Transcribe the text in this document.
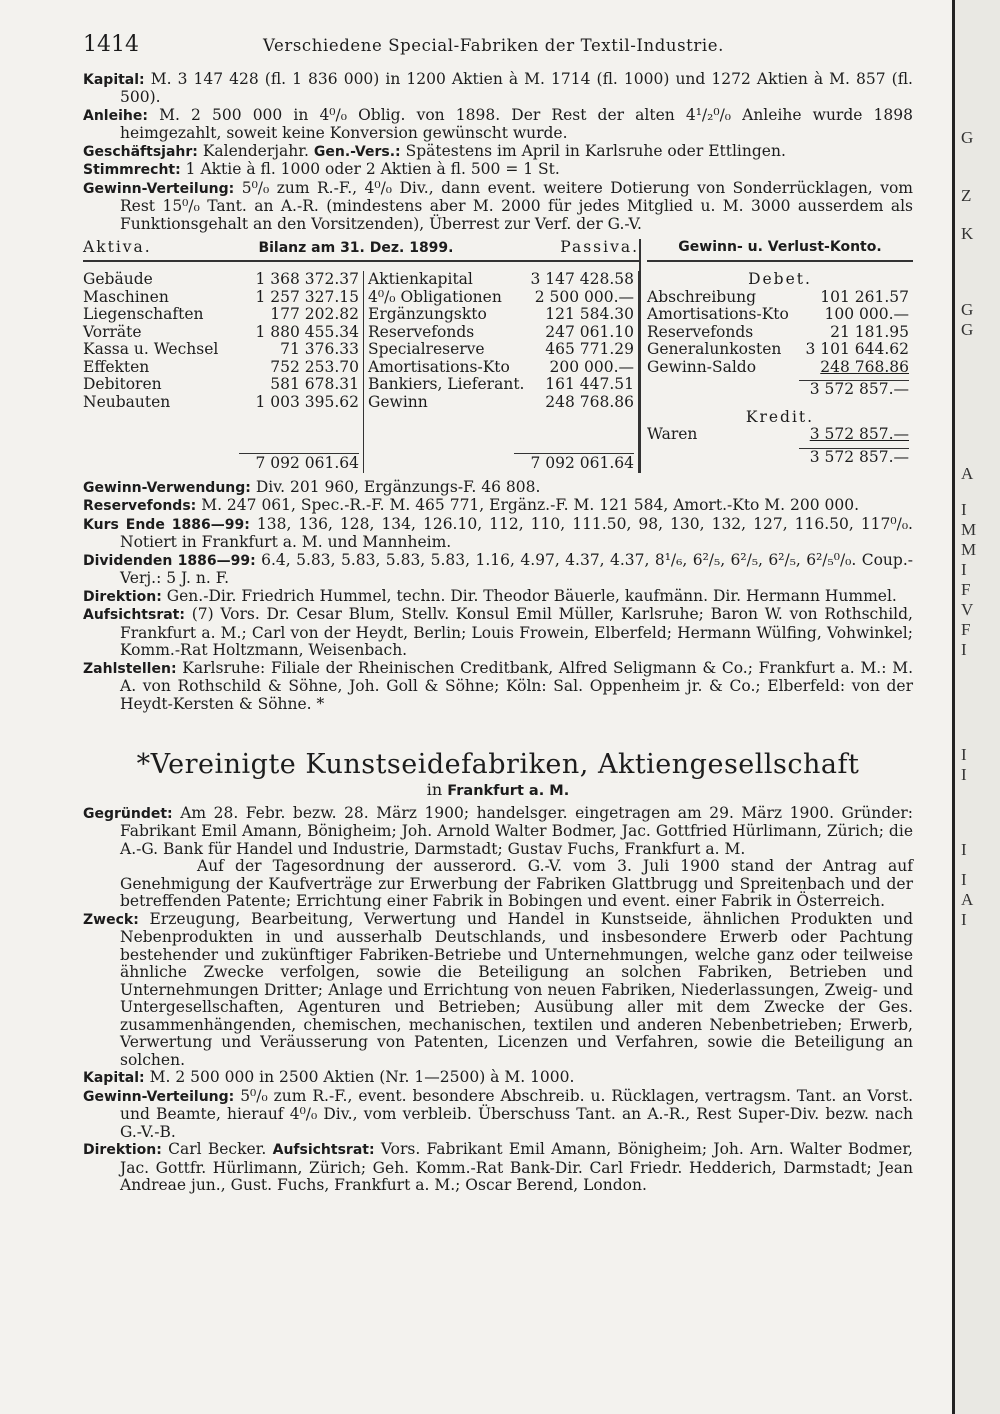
G
Z
K
G
G
A
I
M
M
I
F
V
F
I
I
I
I
I
A
I
1414	Verschiedene Special-Fabriken der Textil-Industrie.

Kapital: M. 3 147 428 (fl. 1 836 000) in 1200 Aktien à M. 1714 (fl. 1000) und 1272 Aktien à M. 857 (fl. 500).

Anleihe: M. 2 500 000 in 4⁰/₀ Oblig. von 1898. Der Rest der alten 4¹/₂⁰/₀ Anleihe wurde 1898 heimgezahlt, soweit keine Konversion gewünscht wurde.

Geschäftsjahr: Kalenderjahr. Gen.-Vers.: Spätestens im April in Karlsruhe oder Ettlingen.

Stimmrecht: 1 Aktie à fl. 1000 oder 2 Aktien à fl. 500 = 1 St.

Gewinn-Verteilung: 5⁰/₀ zum R.-F., 4⁰/₀ Div., dann event. weitere Dotierung von Sonderrücklagen, vom Rest 15⁰/₀ Tant. an A.-R. (mindestens aber M. 2000 für jedes Mitglied u. M. 3000 ausserdem als Funktionsgehalt an den Vorsitzenden), Überrest zur Verf. der G.-V.

Aktiva.	Bilanz am 31. Dez. 1899.	Passiva.
Gebäude	1 368 372.37
Maschinen	1 257 327.15
Liegenschaften	177 202.82
Vorräte	1 880 455.34
Kassa u. Wechsel	71 376.33
Effekten	752 253.70
Debitoren	581 678.31
Neubauten	1 003 395.62
7 092 061.64
Aktienkapital	3 147 428.58
4⁰/₀ Obligationen 2 500 000.—
Ergänzungskto	121 584.30
Reservefonds	247 061.10
Specialreserve	465 771.29
Amortisations-Kto	200 000.—
Bankiers, Lieferant. 161 447.51
Gewinn	248 768.86
7 092 061.64
Gewinn- u. Verlust-Konto.
Debet.
Abschreibung	101 261.57
Amortisations-Kto 100 000.—
Reservefonds	21 181.95
Generalunkosten 3 101 644.62
Gewinn-Saldo	248 768.86
3 572 857.—
Kredit.
Waren	3 572 857.—
3 572 857.—

Gewinn-Verwendung: Div. 201 960, Ergänzungs-F. 46 808.

Reservefonds: M. 247 061, Spec.-R.-F. M. 465 771, Ergänz.-F. M. 121 584, Amort.-Kto M. 200 000.

Kurs Ende 1886—99: 138, 136, 128, 134, 126.10, 112, 110, 111.50, 98, 130, 132, 127, 116.50, 117⁰/₀. Notiert in Frankfurt a. M. und Mannheim.

Dividenden 1886—99: 6.4, 5.83, 5.83, 5.83, 5.83, 1.16, 4.97, 4.37, 4.37, 8¹/₆, 6²/₅, 6²/₅, 6²/₅, 6²/₅⁰/₀. Coup.-Verj.: 5 J. n. F.

Direktion: Gen.-Dir. Friedrich Hummel, techn. Dir. Theodor Bäuerle, kaufmänn. Dir. Hermann Hummel.

Aufsichtsrat: (7) Vors. Dr. Cesar Blum, Stellv. Konsul Emil Müller, Karlsruhe; Baron W. von Rothschild, Frankfurt a. M.; Carl von der Heydt, Berlin; Louis Frowein, Elberfeld; Hermann Wülfing, Vohwinkel; Komm.-Rat Holtzmann, Weisenbach.

Zahlstellen: Karlsruhe: Filiale der Rheinischen Creditbank, Alfred Seligmann & Co.; Frankfurt a. M.: M. A. von Rothschild & Söhne, Joh. Goll & Söhne; Köln: Sal. Oppenheim jr. & Co.; Elberfeld: von der Heydt-Kersten & Söhne. *

*Vereinigte Kunstseidefabriken, Aktiengesellschaft
in Frankfurt a. M.

Gegründet: Am 28. Febr. bezw. 28. März 1900; handelsger. eingetragen am 29. März 1900. Gründer: Fabrikant Emil Amann, Bönigheim; Joh. Arnold Walter Bodmer, Jac. Gottfried Hürlimann, Zürich; die A.-G. Bank für Handel und Industrie, Darmstadt; Gustav Fuchs, Frankfurt a. M.

Auf der Tagesordnung der ausserord. G.-V. vom 3. Juli 1900 stand der Antrag auf Genehmigung der Kaufverträge zur Erwerbung der Fabriken Glattbrugg und Spreitenbach und der betreffenden Patente; Errichtung einer Fabrik in Bobingen und event. einer Fabrik in Österreich.

Zweck: Erzeugung, Bearbeitung, Verwertung und Handel in Kunstseide, ähnlichen Produkten und Nebenprodukten in und ausserhalb Deutschlands, und insbesondere Erwerb oder Pachtung bestehender und zukünftiger Fabriken-Betriebe und Unternehmungen, welche ganz oder teilweise ähnliche Zwecke verfolgen, sowie die Beteiligung an solchen Fabriken, Betrieben und Unternehmungen Dritter; Anlage und Errichtung von neuen Fabriken, Niederlassungen, Zweig- und Untergesellschaften, Agenturen und Betrieben; Ausübung aller mit dem Zwecke der Ges. zusammenhängenden, chemischen, mechanischen, textilen und anderen Nebenbetrieben; Erwerb, Verwertung und Veräusserung von Patenten, Licenzen und Verfahren, sowie die Beteiligung an solchen.

Kapital: M. 2 500 000 in 2500 Aktien (Nr. 1—2500) à M. 1000.

Gewinn-Verteilung: 5⁰/₀ zum R.-F., event. besondere Abschreib. u. Rücklagen, vertragsm. Tant. an Vorst. und Beamte, hierauf 4⁰/₀ Div., vom verbleib. Überschuss Tant. an A.-R., Rest Super-Div. bezw. nach G.-V.-B.

Direktion: Carl Becker. Aufsichtsrat: Vors. Fabrikant Emil Amann, Bönigheim; Joh. Arn. Walter Bodmer, Jac. Gottfr. Hürlimann, Zürich; Geh. Komm.-Rat Bank-Dir. Carl Friedr. Hedderich, Darmstadt; Jean Andreae jun., Gust. Fuchs, Frankfurt a. M.; Oscar Berend, London.
